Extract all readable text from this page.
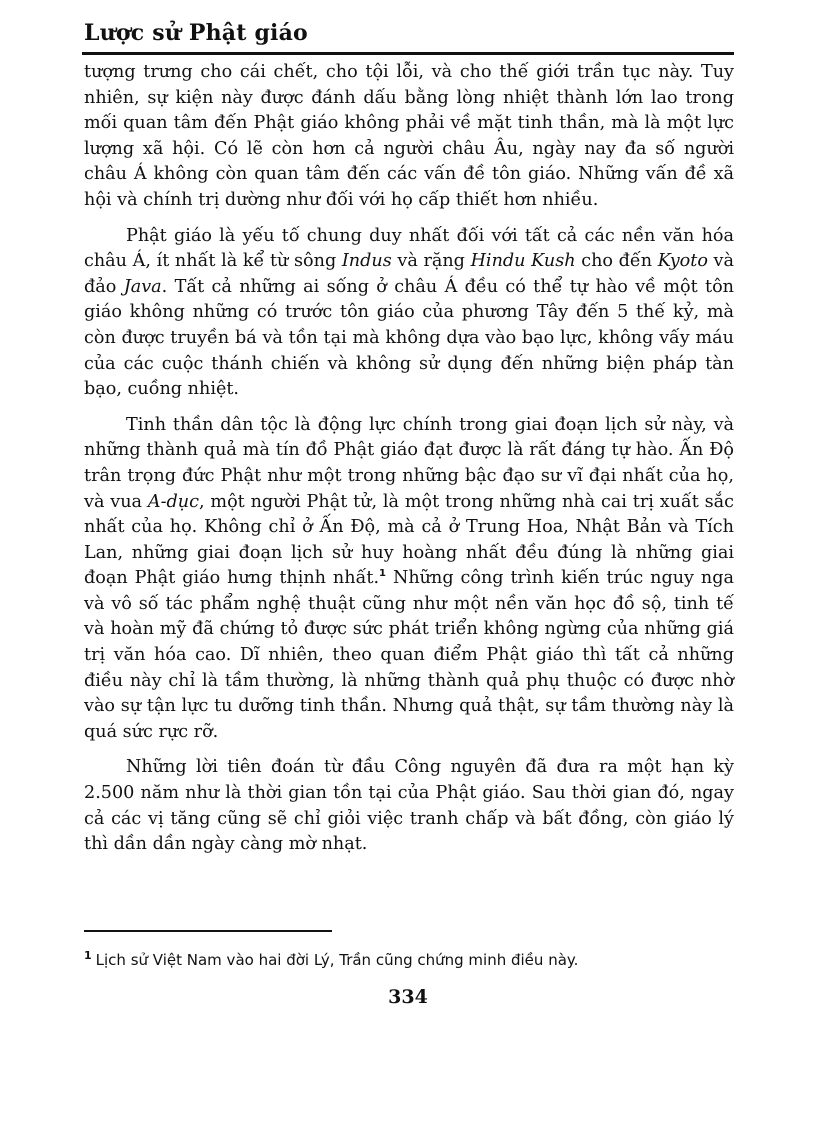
Lược sử Phật giáo

tượng trưng cho cái chết, cho tội lỗi, và cho thế giới trần tục này. Tuy nhiên, sự kiện này được đánh dấu bằng lòng nhiệt thành lớn lao trong mối quan tâm đến Phật giáo không phải về mặt tinh thần, mà là một lực lượng xã hội. Có lẽ còn hơn cả người châu Âu, ngày nay đa số người châu Á không còn quan tâm đến các vấn đề tôn giáo. Những vấn đề xã hội và chính trị dường như đối với họ cấp thiết hơn nhiều.

Phật giáo là yếu tố chung duy nhất đối với tất cả các nền văn hóa châu Á, ít nhất là kể từ sông Indus và rặng Hindu Kush cho đến Kyoto và đảo Java. Tất cả những ai sống ở châu Á đều có thể tự hào về một tôn giáo không những có trước tôn giáo của phương Tây đến 5 thế kỷ, mà còn được truyền bá và tồn tại mà không dựa vào bạo lực, không vấy máu của các cuộc thánh chiến và không sử dụng đến những biện pháp tàn bạo, cuồng nhiệt.

Tinh thần dân tộc là động lực chính trong giai đoạn lịch sử này, và những thành quả mà tín đồ Phật giáo đạt được là rất đáng tự hào. Ấn Độ trân trọng đức Phật như một trong những bậc đạo sư vĩ đại nhất của họ, và vua A-dục, một người Phật tử, là một trong những nhà cai trị xuất sắc nhất của họ. Không chỉ ở Ấn Độ, mà cả ở Trung Hoa, Nhật Bản và Tích Lan, những giai đoạn lịch sử huy hoàng nhất đều đúng là những giai đoạn Phật giáo hưng thịnh nhất.$^1$ Những công trình kiến trúc nguy nga và vô số tác phẩm nghệ thuật cũng như một nền văn học đồ sộ, tinh tế và hoàn mỹ đã chứng tỏ được sức phát triển không ngừng của những giá trị văn hóa cao. Dĩ nhiên, theo quan điểm Phật giáo thì tất cả những điều này chỉ là tầm thường, là những thành quả phụ thuộc có được nhờ vào sự tận lực tu dưỡng tinh thần. Nhưng quả thật, sự tầm thường này là quá sức rực rỡ.

Những lời tiên đoán từ đầu Công nguyên đã đưa ra một hạn kỳ 2.500 năm như là thời gian tồn tại của Phật giáo. Sau thời gian đó, ngay cả các vị tăng cũng sẽ chỉ giỏi việc tranh chấp và bất đồng, còn giáo lý thì dần dần ngày càng mờ nhạt.

$^1$ Lịch sử Việt Nam vào hai đời Lý, Trần cũng chứng minh điều này.
334
